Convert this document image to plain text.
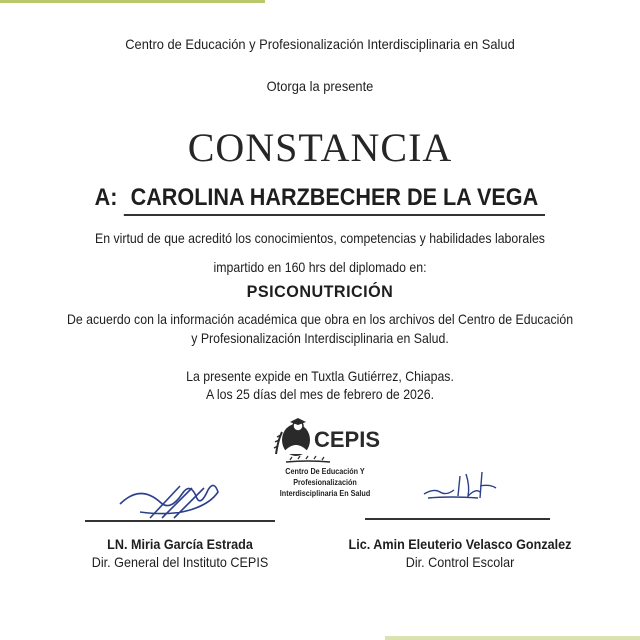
Centro de Educación y Profesionalización Interdisciplinaria en Salud
Otorga la presente
CONSTANCIA
A: CAROLINA HARZBECHER DE LA VEGA
En virtud de que acreditó los conocimientos, competencias y habilidades laborales
impartido en 160 hrs del diplomado en:
PSICONUTRICIÓN
De acuerdo con la información académica que obra en los archivos del Centro de Educación
y Profesionalización Interdisciplinaria en Salud.
La presente expide en Tuxtla Gutiérrez, Chiapas.
A los 25 días del mes de febrero de 2026.
CEPIS
Centro De Educación Y Profesionalización
Interdisciplinaria En Salud
LN. Miria García Estrada
Dir. General del Instituto CEPIS
Lic. Amin Eleuterio Velasco Gonzalez
Dir. Control Escolar
